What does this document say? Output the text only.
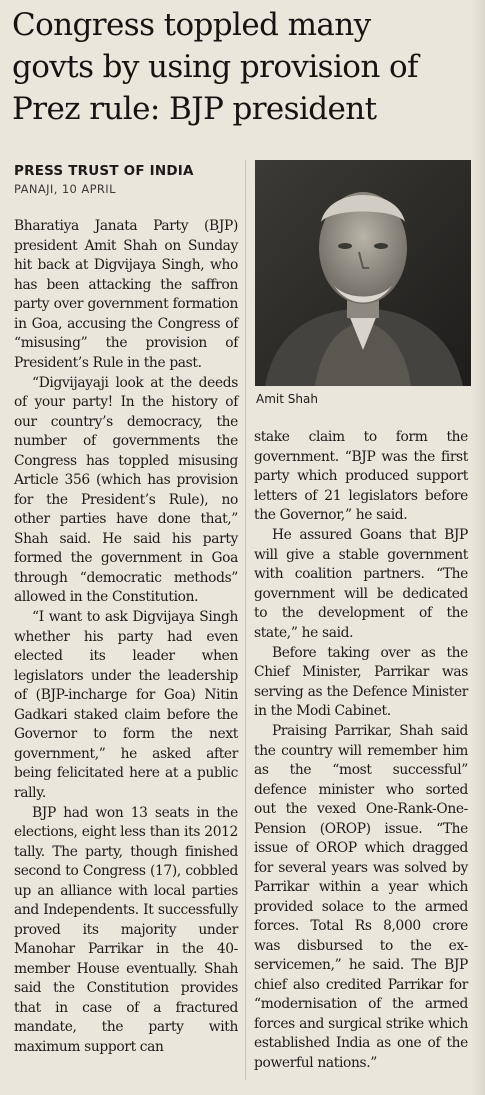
Congress toppled many
govts by using provision of
Prez rule: BJP president
PRESS TRUST OF INDIA
PANAJI, 10 APRIL

Bharatiya Janata Party (BJP) president Amit Shah on Sunday hit back at Digvijaya Singh, who has been attacking the saffron party over government formation in Goa, accusing the Congress of “misusing” the provision of President’s Rule in the past.

“Digvijayaji look at the deeds of your party! In the history of our country’s democracy, the number of governments the Congress has toppled misusing Article 356 (which has provision for the President’s Rule), no other parties have done that,” Shah said. He said his party formed the government in Goa through “democratic methods” allowed in the Constitution.

“I want to ask Digvijaya Singh whether his party had even elected its leader when legislators under the leadership of (BJP-incharge for Goa) Nitin Gadkari staked claim before the Governor to form the next government,” he asked after being felicitated here at a public rally.

BJP had won 13 seats in the elections, eight less than its 2012 tally. The party, though finished second to Congress (17), cobbled up an alliance with local parties and Independents. It successfully proved its majority under Manohar Parrikar in the 40-member House eventually. Shah said the Constitution provides that in case of a fractured mandate, the party with maximum support can

Amit Shah

stake claim to form the government. “BJP was the first party which produced support letters of 21 legislators before the Governor,” he said.

He assured Goans that BJP will give a stable government with coalition partners. “The government will be dedicated to the development of the state,” he said.

Before taking over as the Chief Minister, Parrikar was serving as the Defence Minister in the Modi Cabinet.

Praising Parrikar, Shah said the country will remember him as the “most successful” defence minister who sorted out the vexed One-Rank-One-Pension (OROP) issue. “The issue of OROP which dragged for several years was solved by Parrikar within a year which provided solace to the armed forces. Total Rs 8,000 crore was disbursed to the ex-servicemen,” he said. The BJP chief also credited Parrikar for “modernisation of the armed forces and surgical strike which established India as one of the powerful nations.”
